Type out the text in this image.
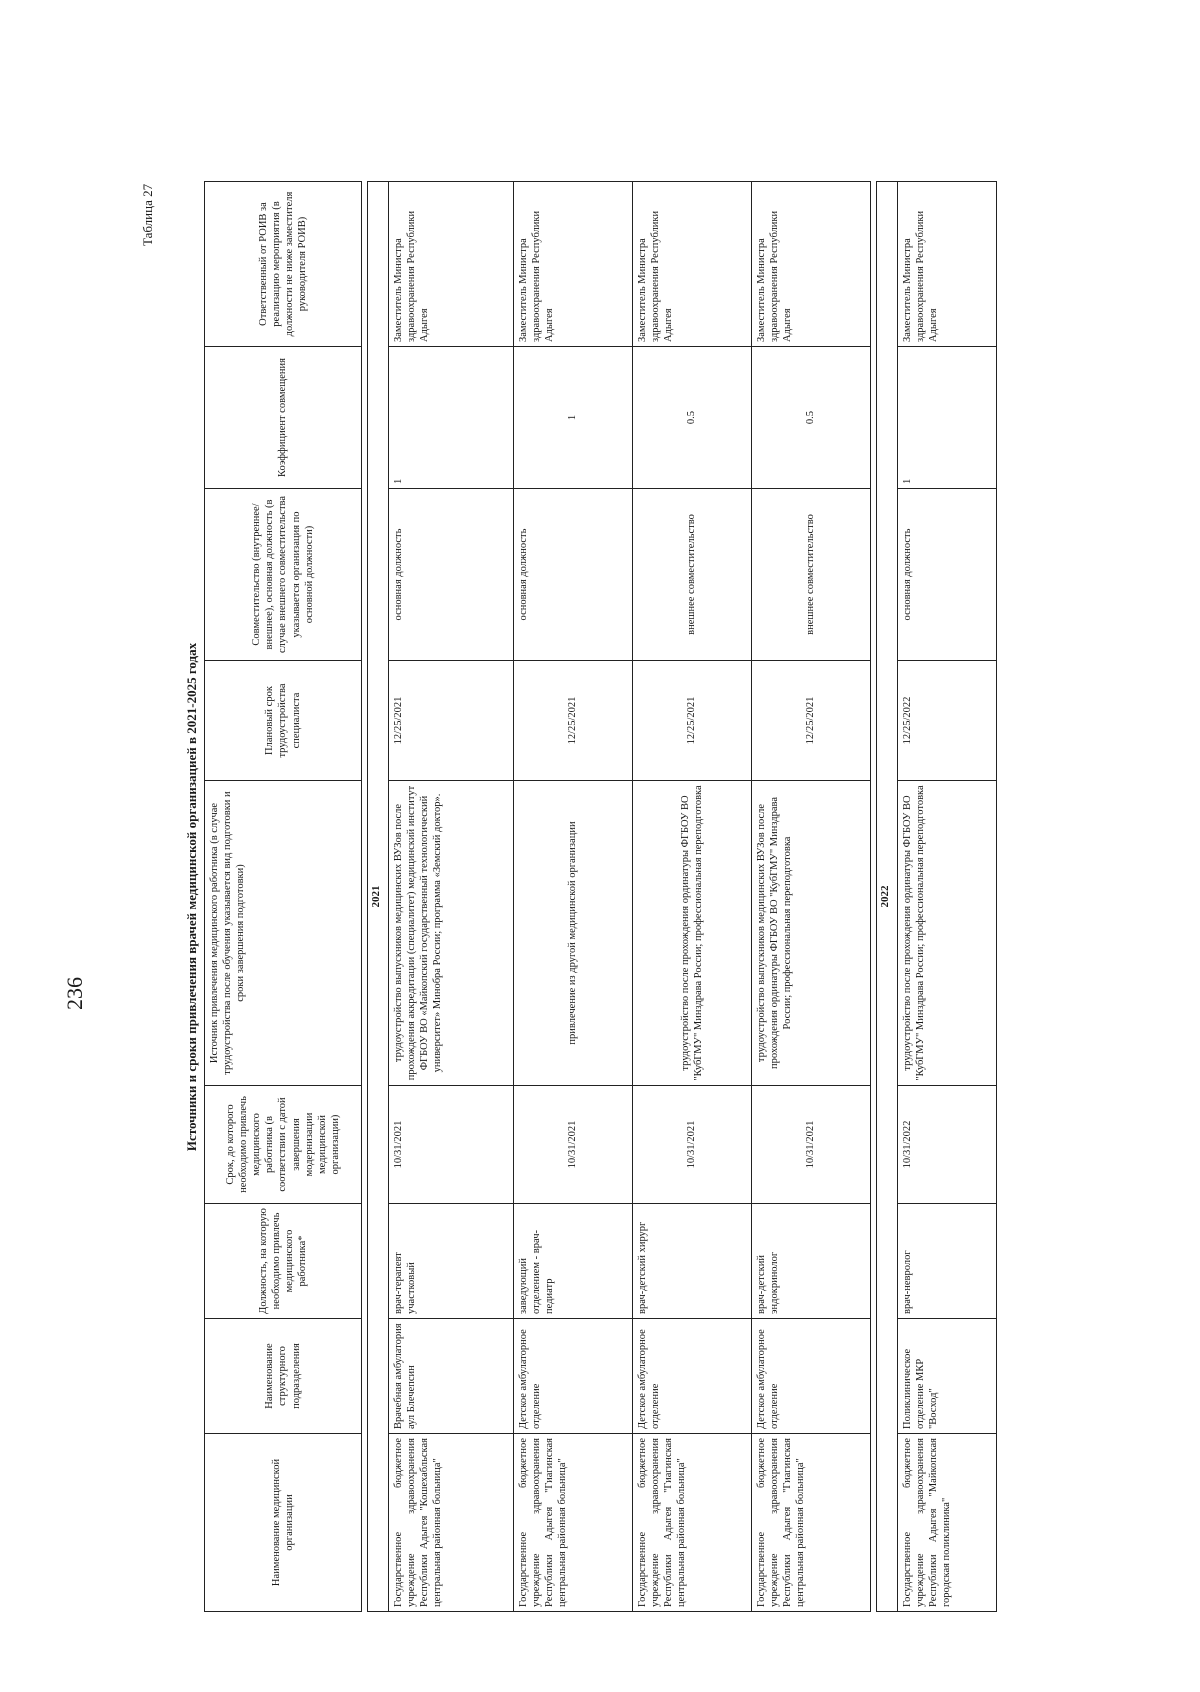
236
Таблица 27
Источники и сроки привлечения врачей медицинской организацией в 2021-2025 годах
Наименование медицинской организации	Наименование структурного подразделения	Должность, на которую необходимо привлечь медицинского работника*	Срок, до которого необходимо привлечь медицинского работника (в соответствии с датой завершения модернизации медицинской организации)	Источник привлечения медицинского работника (в случае трудоустройства после обучения указывается вид подготовки и сроки завершения подготовки)	Плановый срок трудоустройства специалиста	Совместительство (внутреннее/внешнее), основная должность (в случае внешнего совместительства указывается организация по основной должности)	Коэффициент совмещения	Ответственный от РОИВ за реализацию мероприятия (в должности не ниже заместителя руководителя РОИВ)

2021								
Государственное бюджетное учреждение здравоохранения Республики Адыгея "Кошехабльская центральная районная больница"	Врачебная амбулатория аул Блечепсин	врач-терапевт участковый	10/31/2021	трудоустройство выпускников медицинских ВУЗов после прохождения аккредитации (специалитет) медицинский институт ФГБОУ ВО «Майкопский государственный технологический университет» Минобра России; программа «Земский доктор».	12/25/2021	основная должность	1	Заместитель Министра здравоохранения Республики Адыгея
Государственное бюджетное учреждение здравоохранения Республики Адыгея "Гиагинская центральная районная больница"	Детское амбулаторное отделение	заведующий отделением - врач-педиатр	10/31/2021	привлечение из другой медицинской организации	12/25/2021	основная должность	1	Заместитель Министра здравоохранения Республики Адыгея
Государственное бюджетное учреждение здравоохранения Республики Адыгея "Гиагинская центральная районная больница"	Детское амбулаторное отделение	врач-детский хирург	10/31/2021	трудоустройство после прохождения ординатуры ФГБОУ ВО "КубГМУ" Минздрава России; профессиональная переподготовка	12/25/2021	внешнее совместительство	0.5	Заместитель Министра здравоохранения Республики Адыгея
Государственное бюджетное учреждение здравоохранения Республики Адыгея "Гиагинская центральная районная больница"	Детское амбулаторное отделение	врач-детский эндокринолог	10/31/2021	трудоустройство выпускников медицинских ВУЗов после прохождения ординатуры ФГБОУ ВО "КубГМУ" Минздрава России; профессиональная переподготовка	12/25/2021	внешнее совместительство	0.5	Заместитель Министра здравоохранения Республики Адыгея

2022								
Государственное бюджетное учреждение здравоохранения Республики Адыгея "Майкопская городская поликлиника"	Поликлиническое отделение МКР "Восход"	врач-невролог	10/31/2022	трудоустройство после прохождения ординатуры ФГБОУ ВО "КубГМУ" Минздрава России; профессиональная переподготовка	12/25/2022	основная должность	1	Заместитель Министра здравоохранения Республики Адыгея
